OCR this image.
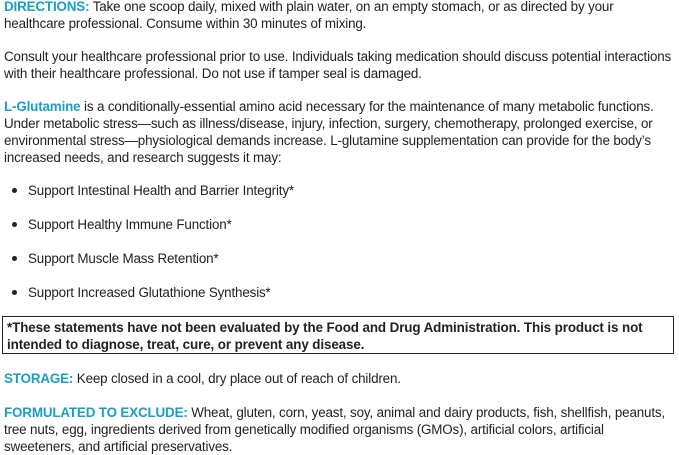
DIRECTIONS: Take one scoop daily, mixed with plain water, on an empty stomach, or as directed by your healthcare professional. Consume within 30 minutes of mixing.

Consult your healthcare professional prior to use. Individuals taking medication should discuss potential interactions with their healthcare professional. Do not use if tamper seal is damaged.

L-Glutamine is a conditionally-essential amino acid necessary for the maintenance of many metabolic functions. Under metabolic stress—such as illness/disease, injury, infection, surgery, chemotherapy, prolonged exercise, or environmental stress—physiological demands increase. L-glutamine supplementation can provide for the body’s increased needs, and research suggests it may:

Support Intestinal Health and Barrier Integrity*
Support Healthy Immune Function*
Support Muscle Mass Retention*
Support Increased Glutathione Synthesis*
*These statements have not been evaluated by the Food and Drug Administration. This product is not intended to diagnose, treat, cure, or prevent any disease.

STORAGE: Keep closed in a cool, dry place out of reach of children.

FORMULATED TO EXCLUDE: Wheat, gluten, corn, yeast, soy, animal and dairy products, fish, shellfish, peanuts, tree nuts, egg, ingredients derived from genetically modified organisms (GMOs), artificial colors, artificial sweeteners, and artificial preservatives.
